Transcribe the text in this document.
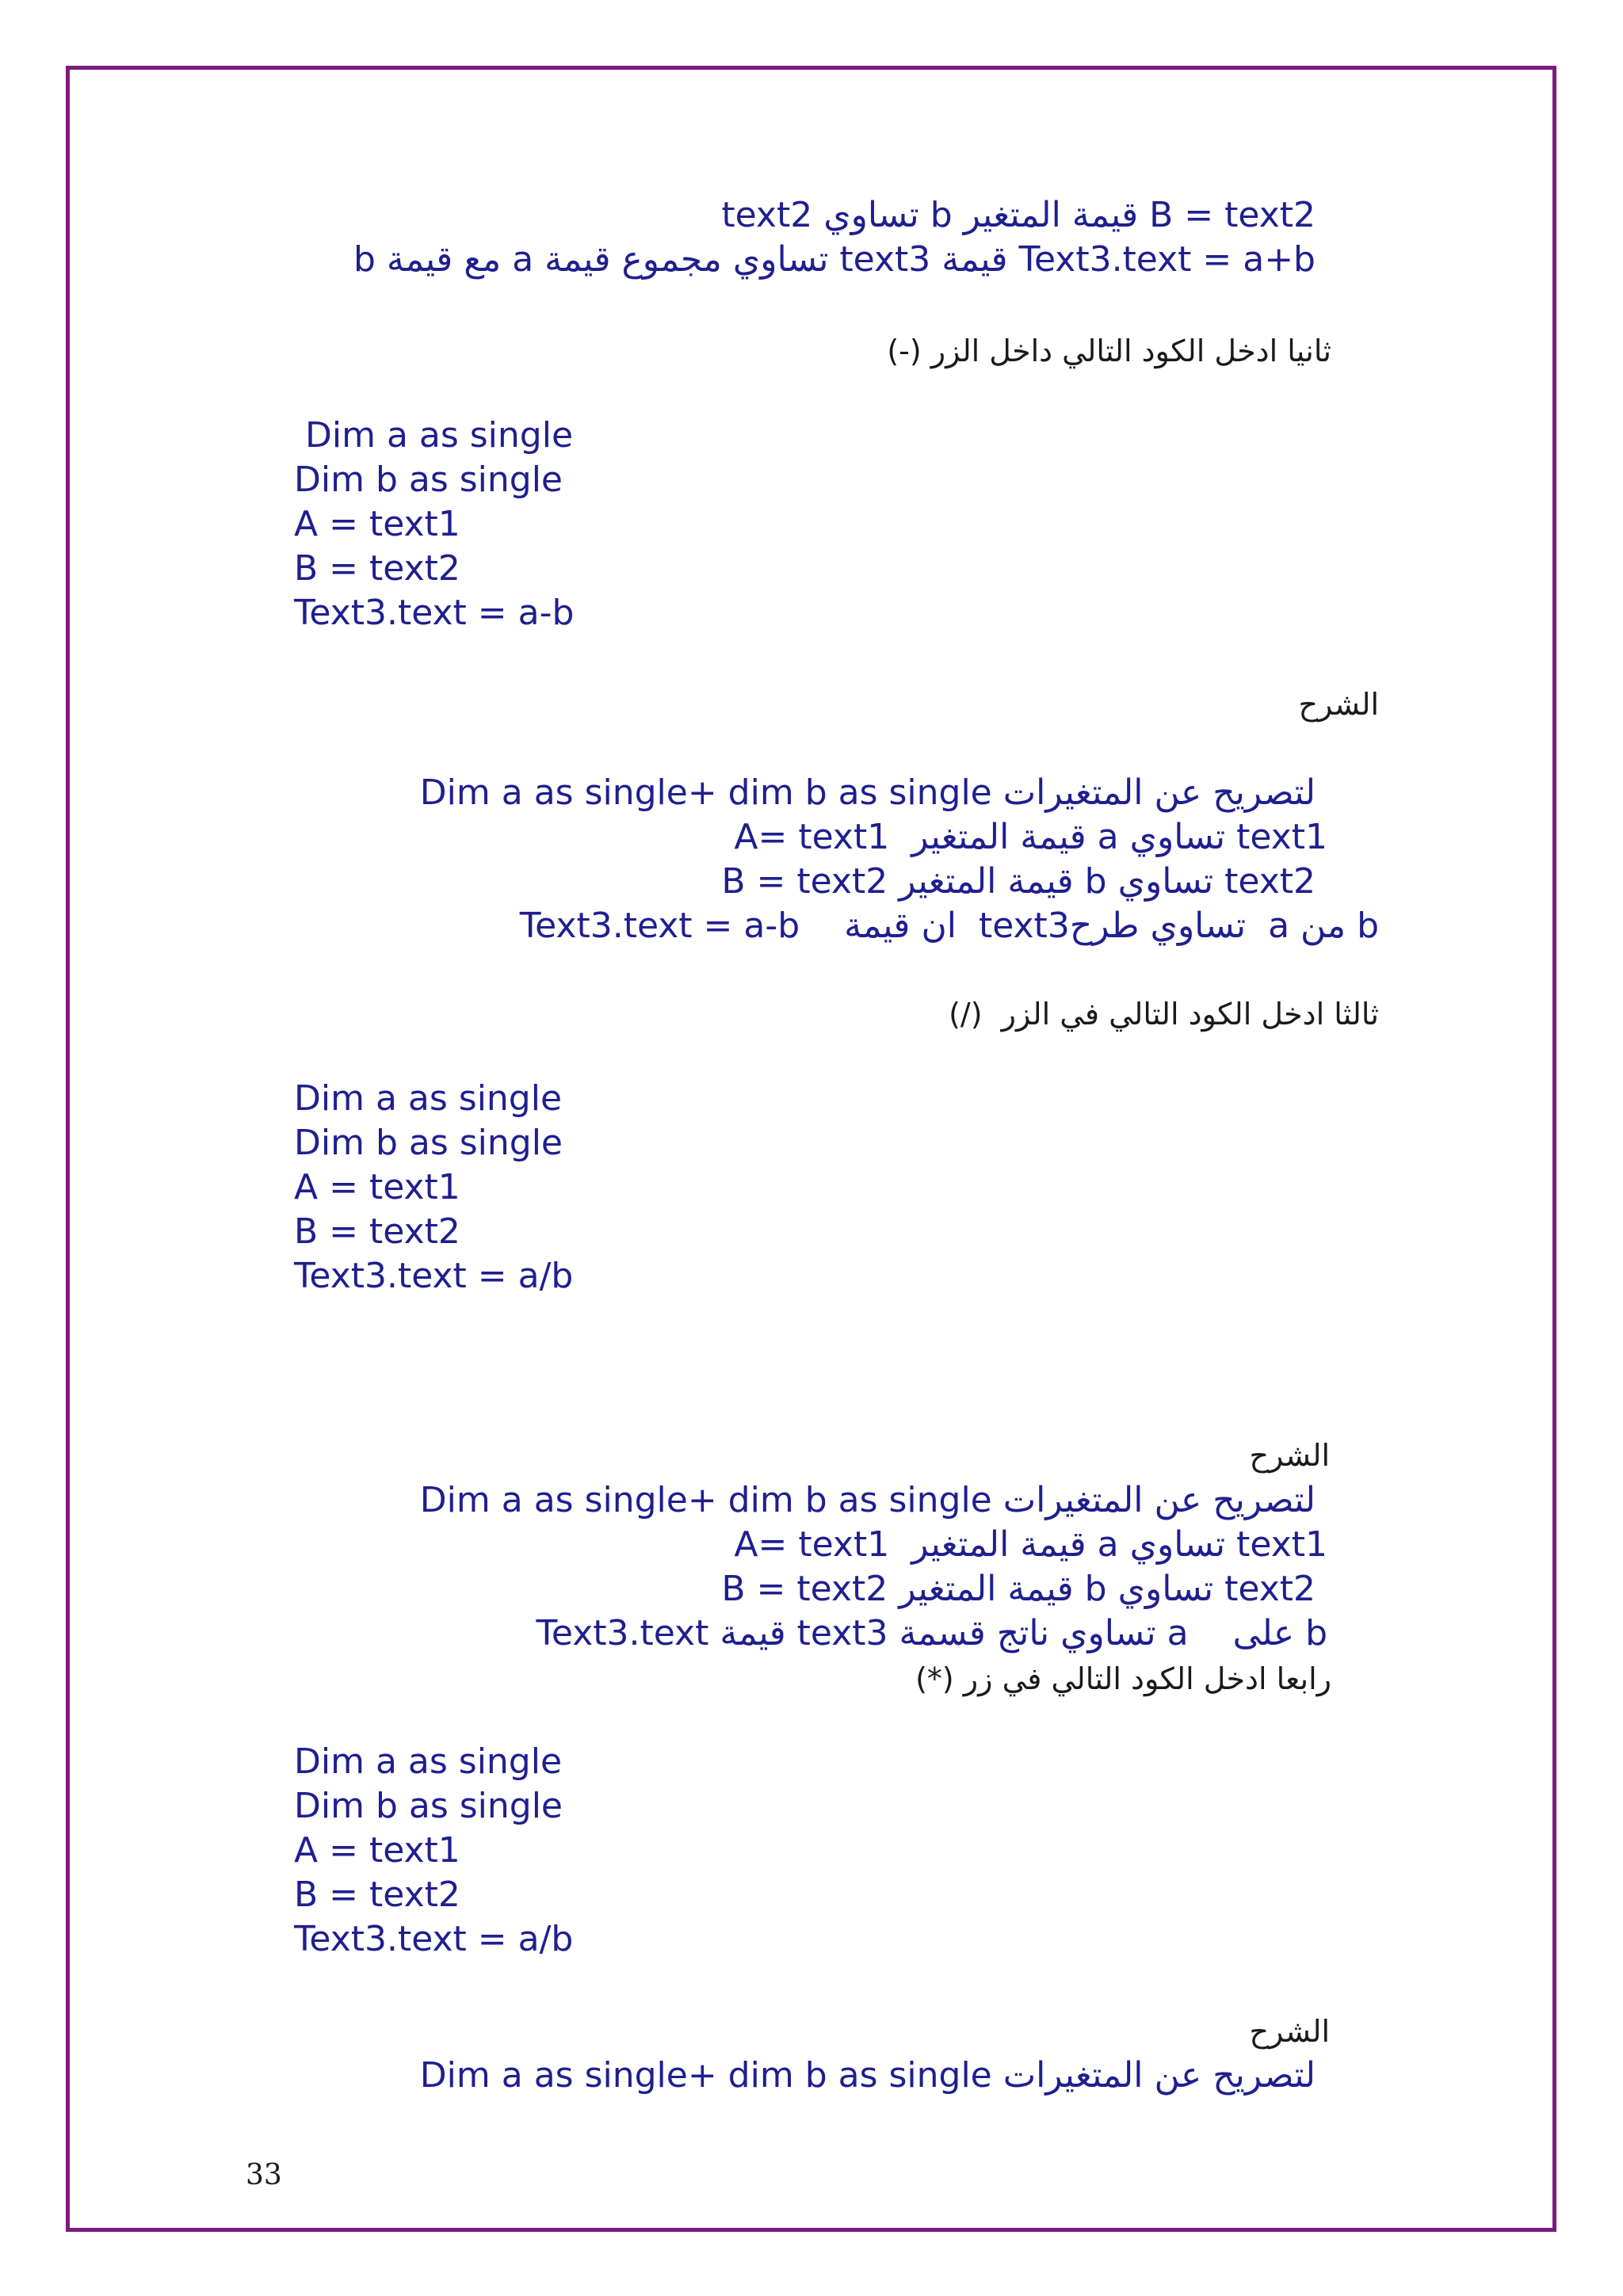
text2 تساوي b قيمة المتغير B = text2
b مع قيمة a تساوي مجموع قيمة text3 قيمة Text3.text = a+b
ثانيا ادخل الكود التالي داخل الزر (-)
Dim a as single
Dim b as single
A = text1
B = text2
Text3.text = a-b
الشرح
Dim a as single+ dim b as single لتصريح عن المتغيرات
A= text1  قيمة المتغير a تساوي text1
B = text2 قيمة المتغير b تساوي text2
Text3.text = a-b    ان قيمة  text3تساوي طرح  a من b
ثالثا ادخل الكود التالي في الزر  (/)
Dim a as single
Dim b as single
A = text1
B = text2
Text3.text = a/b
الشرح
Dim a as single+ dim b as single لتصريح عن المتغيرات
A= text1  قيمة المتغير a تساوي text1
B = text2 قيمة المتغير b تساوي text2
Text3.text قيمة text3 تساوي ناتج قسمة a    على b
رابعا ادخل الكود التالي في زر (*)
Dim a as single
Dim b as single
A = text1
B = text2
Text3.text = a/b
الشرح
Dim a as single+ dim b as single لتصريح عن المتغيرات
33
